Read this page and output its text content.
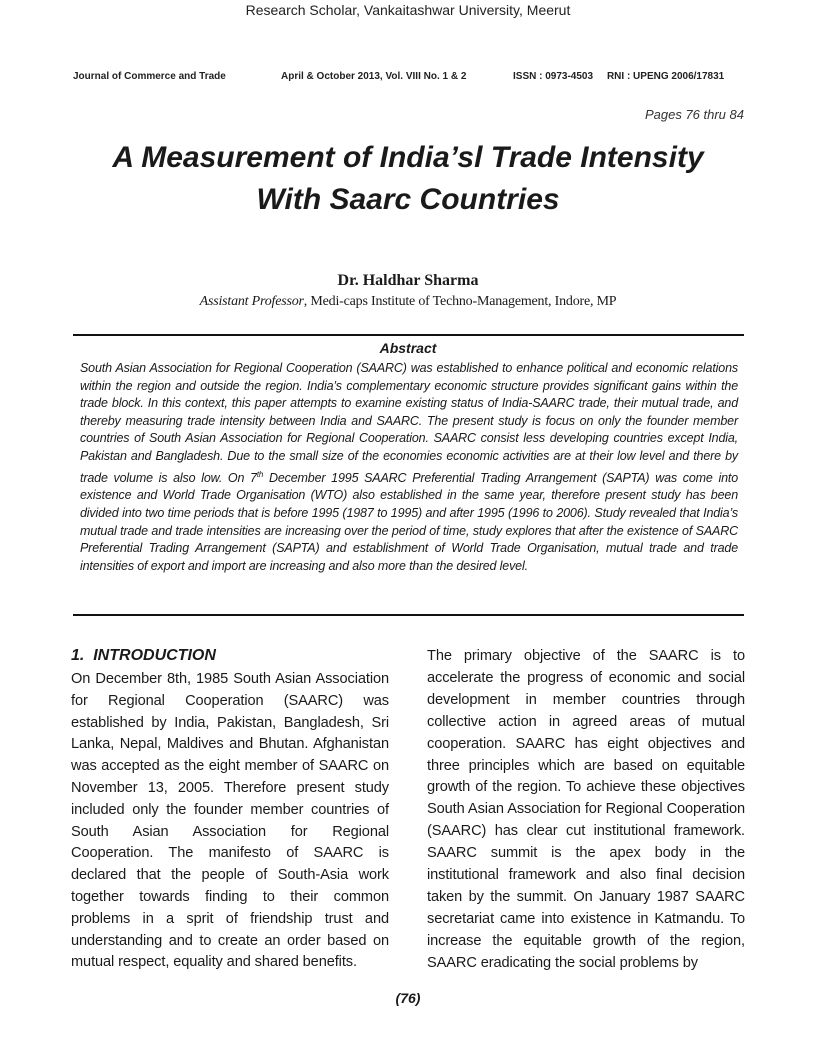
Research Scholar, Vankaitashwar University, Meerut
Journal of Commerce and Trade	April & October 2013, Vol. VIII No. 1 & 2	ISSN : 0973-4503     RNI : UPENG 2006/17831
Pages 76 thru 84
A Measurement of India’sl Trade Intensity
With Saarc Countries
Dr. Haldhar Sharma
Assistant Professor, Medi-caps Institute of Techno-Management, Indore, MP
Abstract

South Asian Association for Regional Cooperation (SAARC) was established to enhance political and economic relations within the region and outside the region. India’s complementary economic structure provides significant gains within the trade block. In this context, this paper attempts to examine existing status of India-SAARC trade, their mutual trade, and thereby measuring trade intensity between India and SAARC. The present study is focus on only the founder member countries of South Asian Association for Regional Cooperation. SAARC consist less developing countries except India, Pakistan and Bangladesh. Due to the small size of the economies economic activities are at their low level and there by trade volume is also low. On 7th December 1995 SAARC Preferential Trading Arrangement (SAPTA) was come into existence and World Trade Organisation (WTO) also established in the same year, therefore present study has been divided into two time periods that is before 1995 (1987 to 1995) and after 1995 (1996 to 2006). Study revealed that India’s mutual trade and trade intensities are increasing over the period of time, study explores that after the existence of SAARC Preferential Trading Arrangement (SAPTA) and establishment of World Trade Organisation, mutual trade and trade intensities of export and import are increasing and also more than the desired level.

1.  INTRODUCTION

On December 8th, 1985 South Asian Association for Regional Cooperation (SAARC) was established by India, Pakistan, Bangladesh, Sri Lanka, Nepal, Maldives and Bhutan. Afghanistan was accepted as the eight member of SAARC on November 13, 2005. Therefore present study included only the founder member countries of South Asian Association for Regional Cooperation. The manifesto of SAARC is declared that the people of South-Asia work together towards finding to their common problems in a sprit of friendship trust and understanding and to create an order based on mutual respect, equality and shared benefits.

The primary objective of the SAARC is to accelerate the progress of economic and social development in member countries through collective action in agreed areas of mutual cooperation. SAARC has eight objectives and three principles which are based on equitable growth of the region. To achieve these objectives South Asian Association for Regional Cooperation (SAARC) has clear cut institutional framework. SAARC summit is the apex body in the institutional framework and also final decision taken by the summit. On January 1987 SAARC secretariat came into existence in Katmandu. To increase the equitable growth of the region, SAARC eradicating the social problems by

(76)
